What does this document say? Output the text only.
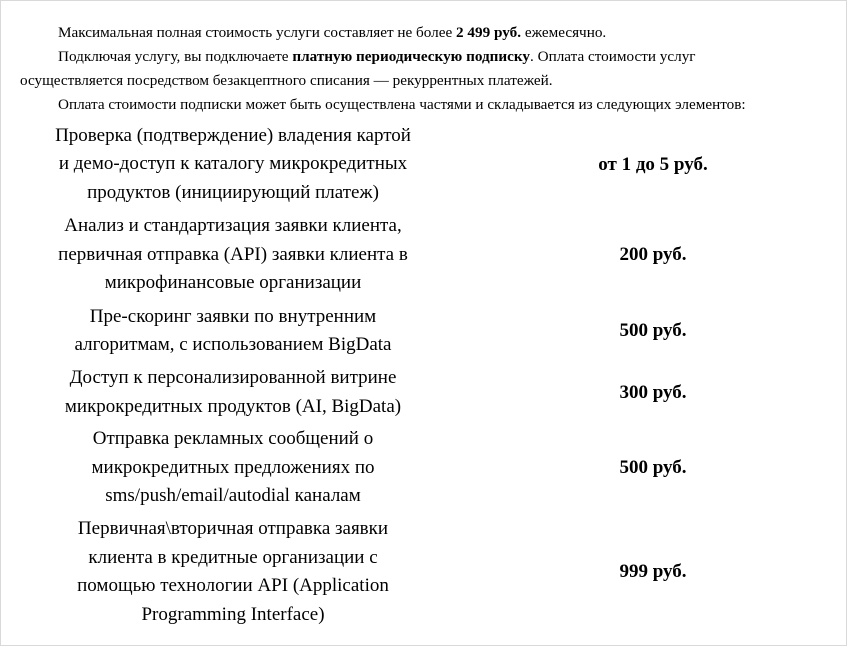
Максимальная полная стоимость услуги составляет не более 2 499 руб. ежемесячно.
Подключая услугу, вы подключаете платную периодическую подписку. Оплата стоимости услуг
осуществляется посредством безакцептного списания — рекуррентных платежей.
Оплата стоимости подписки может быть осуществлена частями и складывается из следующих элементов:
Проверка (подтверждение) владения картой
и демо-доступ к каталогу микрокредитных
продуктов (инициирующий платеж)	от 1 до 5 руб.
Анализ и стандартизация заявки клиента,
первичная отправка (API) заявки клиента в
микрофинансовые организации	200 руб.
Пре-скоринг заявки по внутренним
алгоритмам, с использованием BigData	500 руб.
Доступ к персонализированной витрине
микрокредитных продуктов (AI, BigData)	300 руб.
Отправка рекламных сообщений о
микрокредитных предложениях по
sms/push/email/autodial каналам	500 руб.
Первичная\вторичная отправка заявки
клиента в кредитные организации с
помощью технологии API (Application
Programming Interface)	999 руб.
